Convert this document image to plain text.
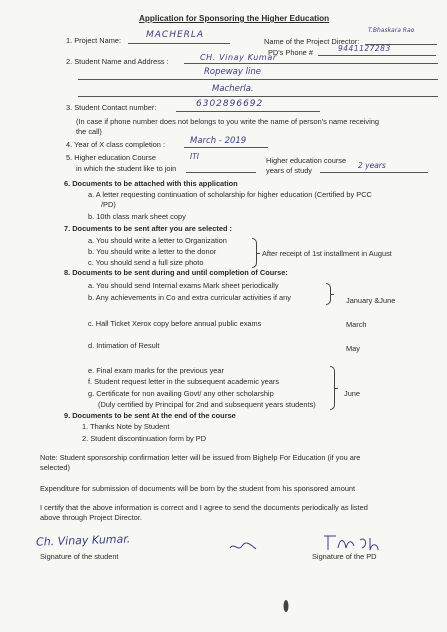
Application for Sponsoring the Higher Education
1. Project Name:
MACHERLA
Name of the Project Director:
T.Bhaskara Rao
PD's Phone #	9441127283
2. Student Name and Address :	CH. Vinay Kumar
Ropeway line
Macherla.
3. Student Contact number:	6302896692
(In case if phone number does not belongs to you write the name of person's name receiving
the call)
4. Year of X class completion :	March - 2019
5. Higher education Course	ITI
in which the student like to join
Higher education course
years of study
2 years
6. Documents to be attached with this application
a. A letter requesting continuation of scholarship for higher education (Certified by PCC
/PD)
b. 10th class mark sheet copy
7. Documents to be sent after you are selected :
a. You should write a letter to Organization
b. You should write a letter to the donor
c. You should send a full size photo
After receipt of 1st installment in August
8. Documents to be sent during and until completion of Course:
a. You should send Internal exams Mark sheet periodically
b. Any achievements in Co and extra curricular activities if any	January &June
c. Hall Ticket Xerox copy before annual public exams	March
d. Intimation of Result	May
e. Final exam marks for the previous year
f. Student request letter in the subsequent academic years
g. Certificate for non availing Govt/ any other scholarship
(Duly certified by Principal for 2nd and subsequent years students)
June
9. Documents to be sent At the end of the course
1. Thanks Note by Student
2. Student discontinuation form by PD
Note: Student sponsorship confirmation letter will be issued from Bighelp For Education (if you are
selected)
Expenditure for submission of documents will be born by the student from his sponsored amount
I certify that the above information is correct and I agree to send the documents periodically as listed
above through Project Director.
Ch. Vinay Kumar.
Signature of the student	Signature of the PD
